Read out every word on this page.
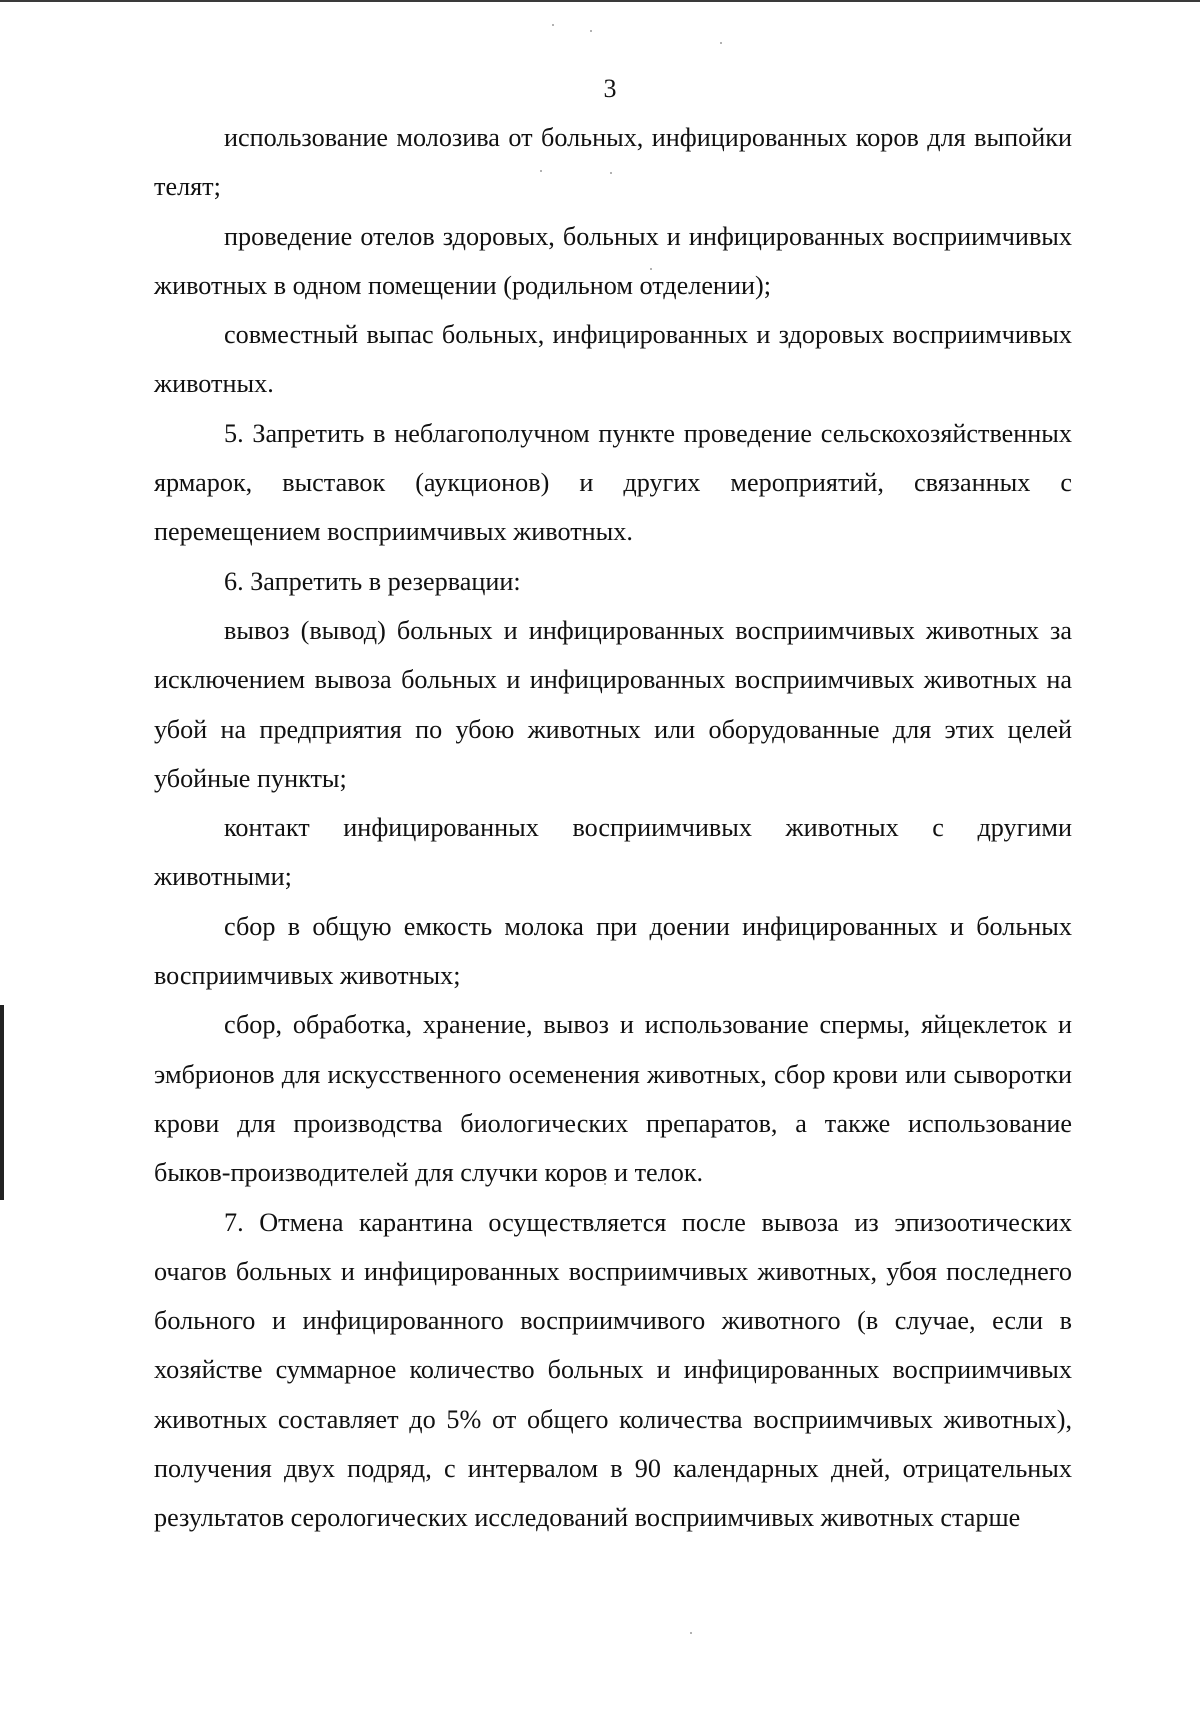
3

использование молозива от больных, инфицированных коров для выпойки телят;

проведение отелов здоровых, больных и инфицированных восприимчивых животных в одном помещении (родильном отделении);

совместный выпас больных, инфицированных и здоровых восприимчивых животных.

5. Запретить в неблагополучном пункте проведение сельскохозяйственных ярмарок, выставок (аукционов) и других мероприятий, связанных с перемещением восприимчивых животных.

6. Запретить в резервации:

вывоз (вывод) больных и инфицированных восприимчивых животных за исключением вывоза больных и инфицированных восприимчивых животных на убой на предприятия по убою животных или оборудованные для этих целей убойные пункты;

контакт инфицированных восприимчивых животных с другими животными;

сбор в общую емкость молока при доении инфицированных и больных восприимчивых животных;

сбор, обработка, хранение, вывоз и использование спермы, яйцеклеток и эмбрионов для искусственного осеменения животных, сбор крови или сыворотки крови для производства биологических препаратов, а также использование быков-производителей для случки коров и телок.

7. Отмена карантина осуществляется после вывоза из эпизоотических очагов больных и инфицированных восприимчивых животных, убоя последнего больного и инфицированного восприимчивого животного (в случае, если в хозяйстве суммарное количество больных и инфицированных восприимчивых животных составляет до 5% от общего количества восприимчивых животных), получения двух подряд, с интервалом в 90 календарных дней, отрицательных результатов серологических исследований восприимчивых животных старше
